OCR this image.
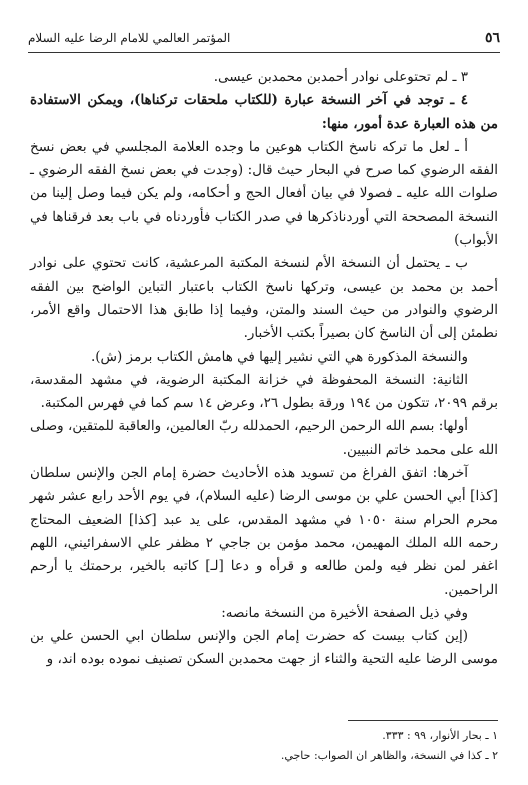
٥٦
المؤتمر العالمي للامام الرضا عليه السلام

٣ ـ لم تحتوعلى نوادر أحمدبن محمدبن عيسى.

٤ ـ توجد في آخر النسخة عبارة (للكتاب ملحقات تركناها)، ويمكن الاستفادة من هذه العبارة عدة أمور، منها:

أ ـ لعل ما تركه ناسخ الكتاب هوعين ما وجده العلامة المجلسي في بعض نسخ الفقه الرضوي كما صرح في البحار حيث قال: (وجدت في بعض نسخ الفقه الرضوي ـ صلوات الله عليه ـ فصولا في بيان أفعال الحج و أحكامه، ولم يكن فيما وصل إلينا من النسخة المصححة التي أوردناذكرها في صدر الكتاب فأوردناه في باب بعد فرقناها في الأبواب)

ب ـ يحتمل أن النسخة الأم لنسخة المكتبة المرعشية، كانت تحتوي على نوادر أحمد بن محمد بن عيسى، وتركها ناسخ الكتاب باعتبار التباين الواضح بين الفقه الرضوي والنوادر من حيث السند والمتن، وفيما إذا طابق هذا الاحتمال واقع الأمر، نطمئن إلى أن الناسخ كان بصيراً بكتب الأخبار.

والنسخة المذكورة هي التي نشير إليها في هامش الكتاب برمز (ش).

الثانية: النسخة المحفوظة في خزانة المكتبة الرضوية، في مشهد المقدسة، برقم ٢٠٩٩، تتكون من ١٩٤ ورقة بطول ٢٦، وعرض ١٤ سم كما في فهرس المكتبة.

أولها: بسم الله الرحمن الرحيم، الحمدلله ربّ العالمين، والعاقبة للمتقين، وصلى الله على محمد خاتم النبيين.

آخرها: اتفق الفراغ من تسويد هذه الأحاديث حضرة إمام الجن والإنس سلطان [كذا] أبي الحسن علي بن موسى الرضا (عليه السلام)، في يوم الأحد رابع عشر شهر محرم الحرام سنة ١٠٥٠ في مشهد المقدس، على يد عبد [كذا] الضعيف المحتاج رحمه الله الملك المهيمن، محمد مؤمن بن جاجي ٢ مظفر علي الاسفرائيني، اللهم اغفر لمن نظر فيه ولمن طالعه و قرأه و دعا [لـ] كاتبه بالخير، برحمتك يا أرحم الراحمين.

وفي ذيل الصفحة الأخيرة من النسخة مانصه:

(إين كتاب بيست كه حضرت إمام الجن والإنس سلطان ابي الحسن علي بن موسى الرضا عليه التحية والثناء از جهت محمدبن السكن تصنيف نموده بوده اند، و

١ ـ بحار الأنوار، ٩٩ : ٣٣٣.

٢ ـ كذا في النسخة، والظاهر ان الصواب: حاجي.
